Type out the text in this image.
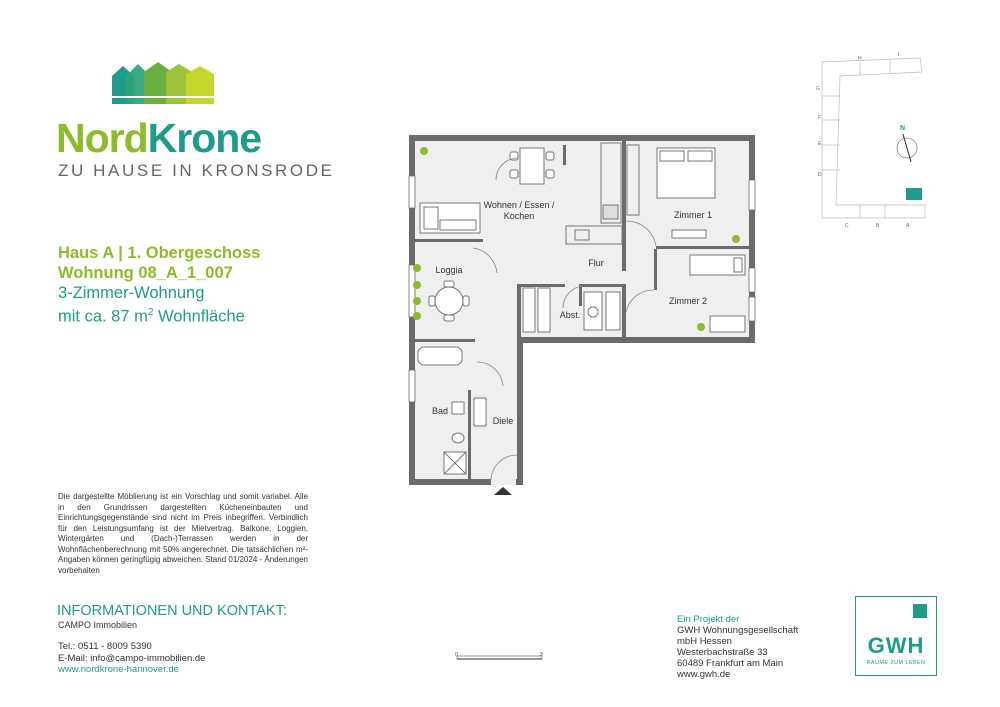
NordKrone
ZU HAUSE IN KRONSRODE
Haus A | 1. Obergeschoss
Wohnung 08_A_1_007
3-Zimmer-Wohnung
mit ca. 87 $m^2$ Wohnfläche
Die dargestellte Möblierung ist ein Vorschlag und somit variabel. Alle in den Grundrissen dargestellten Kücheneinbauten und Einrichtungsgegenstände sind nicht im Preis inbegriffen. Verbindlich für den Leistungsumfang ist der Mietvertrag. Balkone, Loggien, Wintergärten und (Dach-)Terrassen werden in der Wohnflächenberechnung mit 50% angerechnet. Die tatsächlichen m²-Angaben können geringfügig abweichen. Stand 01/2024 - Änderungen vorbehalten
INFORMATIONEN UND KONTAKT:
CAMPO Immobilien
Tel.: 0511 - 8009 5390
E-Mail: info@campo-immobilien.de
www.nordkrone-hannover.de
Ein Projekt der
GWH Wohnungsgesellschaft
mbH Hessen
Westerbachstraße 33
60489 Frankfurt am Main
www.gwh.de
GWH
RÄUME ZUM LEBEN
Wohnen / Essen /
Kochen	Zimmer 1
Zimmer 2
Loggia
Flur
Abst.
Bad
Diele
0	3
H
I
G
F
E
D
C	B	A
N
